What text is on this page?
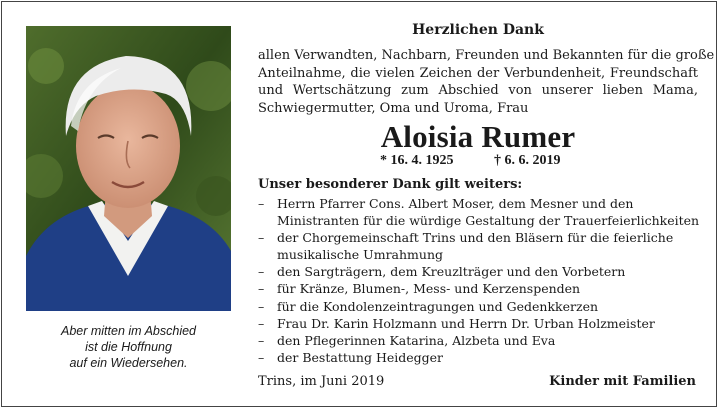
Aber mitten im Abschied
ist die Hoffnung
auf ein Wiedersehen.
Herzlichen Dank
allen Verwandten, Nachbarn, Freunden und Bekannten für die große
Anteilnahme, die vielen Zeichen der Verbundenheit, Freundschaft
und Wertschätzung zum Abschied von unserer lieben Mama,
Schwiegermutter, Oma und Uroma, Frau
Aloisia Rumer
* 16. 4. 1925	† 6. 6. 2019
Unser besonderer Dank gilt weiters:
– Herrn Pfarrer Cons. Albert Moser, dem Mesner und den
Ministranten für die würdige Gestaltung der Trauerfeierlichkeiten
– der Chorgemeinschaft Trins und den Bläsern für die feierliche
musikalische Umrahmung
– den Sargträgern, dem Kreuzlträger und den Vorbetern
– für Kränze, Blumen-, Mess- und Kerzenspenden
– für die Kondolenzeintragungen und Gedenkkerzen
– Frau Dr. Karin Holzmann und Herrn Dr. Urban Holzmeister
– den Pflegerinnen Katarina, Alzbeta und Eva
– der Bestattung Heidegger
Trins, im Juni 2019	Kinder mit Familien
